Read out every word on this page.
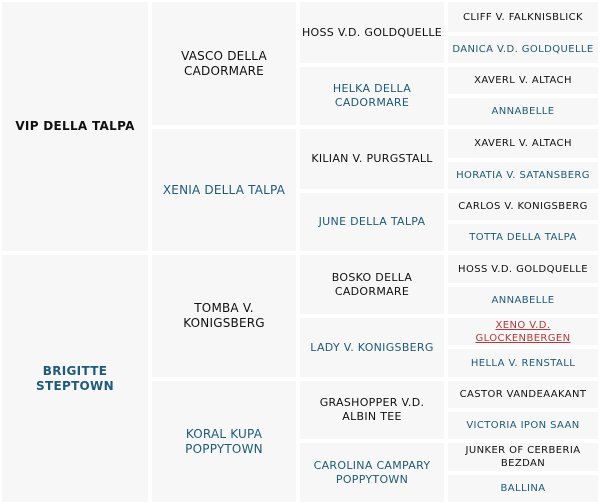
VIP DELLA TALPA
BRIGITTE STEPTOWN
VASCO DELLA CADORMARE
XENIA DELLA TALPA
TOMBA V. KONIGSBERG
KORAL KUPA POPPYTOWN
HOSS V.D. GOLDQUELLE
HELKA DELLA CADORMARE
KILIAN V. PURGSTALL
JUNE DELLA TALPA
BOSKO DELLA CADORMARE
LADY V. KONIGSBERG
GRASHOPPER V.D. ALBIN TEE
CAROLINA CAMPARY POPPYTOWN
CLIFF V. FALKNISBLICK
DANICA V.D. GOLDQUELLE
XAVERL V. ALTACH
ANNABELLE
XAVERL V. ALTACH
HORATIA V. SATANSBERG
CARLOS V. KONIGSBERG
TOTTA DELLA TALPA
HOSS V.D. GOLDQUELLE
ANNABELLE
XENO V.D. GLOCKENBERGEN
HELLA V. RENSTALL
CASTOR VANDEAAKANT
VICTORIA IPON SAAN
JUNKER OF CERBERIA BEZDAN
BALLINA
